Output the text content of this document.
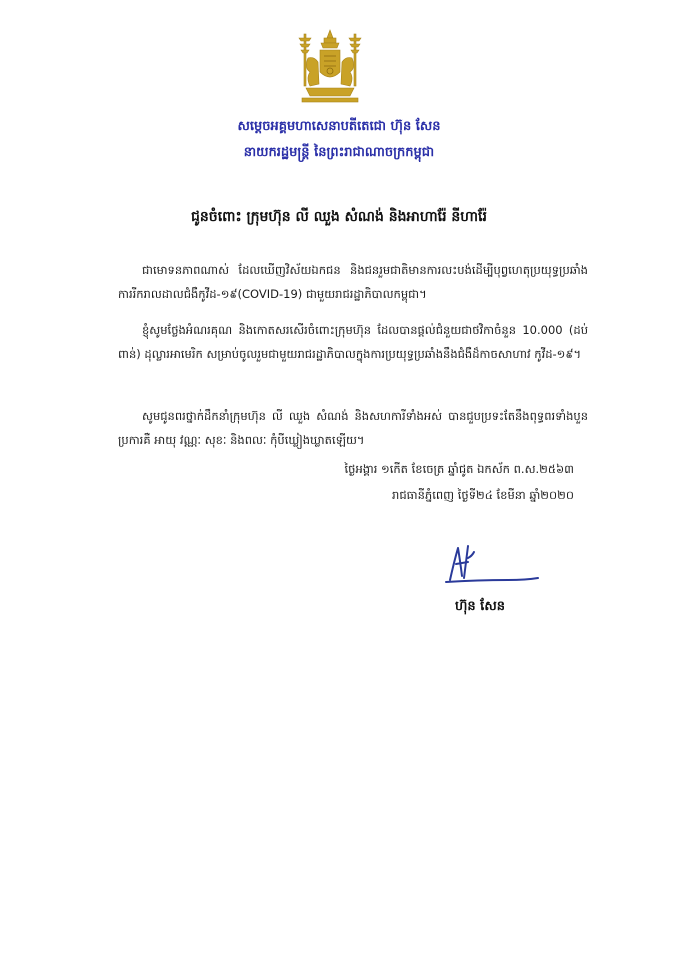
សម្ដេចអគ្គមហាសេនាបតីតេជោ ហ៊ុន សែន
នាយករដ្ឋមន្ត្រី នៃព្រះរាជាណាចក្រកម្ពុជា
ជូនចំពោះ ក្រុមហ៊ុន លី ឈួង សំណង់ និងអាហារ៉ែ នីហារ៉ែ
ជាមោទនភាពណាស់ ដែលឃើញវិស័យឯកជន និងជនរួមជាតិមានការលះបង់ដើម្បីបុព្វហេតុប្រយុទ្ធប្រឆាំងការរីករាលដាលជំងឺកូវីដ-១៩(COVID-19) ជាមួយរាជរដ្ឋាភិបាលកម្ពុជា។
ខ្ញុំសូមថ្លែងអំណរគុណ និងកោតសរសើរចំពោះក្រុមហ៊ុន ដែលបានផ្ដល់ជំនួយជាថវិកាចំនួន 10.000 (ដប់ពាន់) ដុល្លារអាមេរិក សម្រាប់ចូលរួមជាមួយរាជរដ្ឋាភិបាលក្នុងការប្រយុទ្ធប្រឆាំងនឹងជំងឺដ៏កាចសាហាវ កូវីដ-១៩។
សូមជូនពរថ្នាក់ដឹកនាំក្រុមហ៊ុន លី ឈួង សំណង់ និងសហការីទាំងអស់ បានជួបប្រទះតែនឹងពុទ្ធពរទាំងបួនប្រការគឺ អាយុ វណ្ណៈ សុខៈ និងពលៈ កុំបីឃ្លៀងឃ្លាតឡើយ។
ថ្ងៃអង្គារ ១កើត ខែចេត្រ ឆ្នាំជូត ឯកស័ក ព.ស.២៥៦៣
រាជធានីភ្នំពេញ ថ្ងៃទី២៤ ខែមីនា ឆ្នាំ២០២០
ហ៊ុន សែន
